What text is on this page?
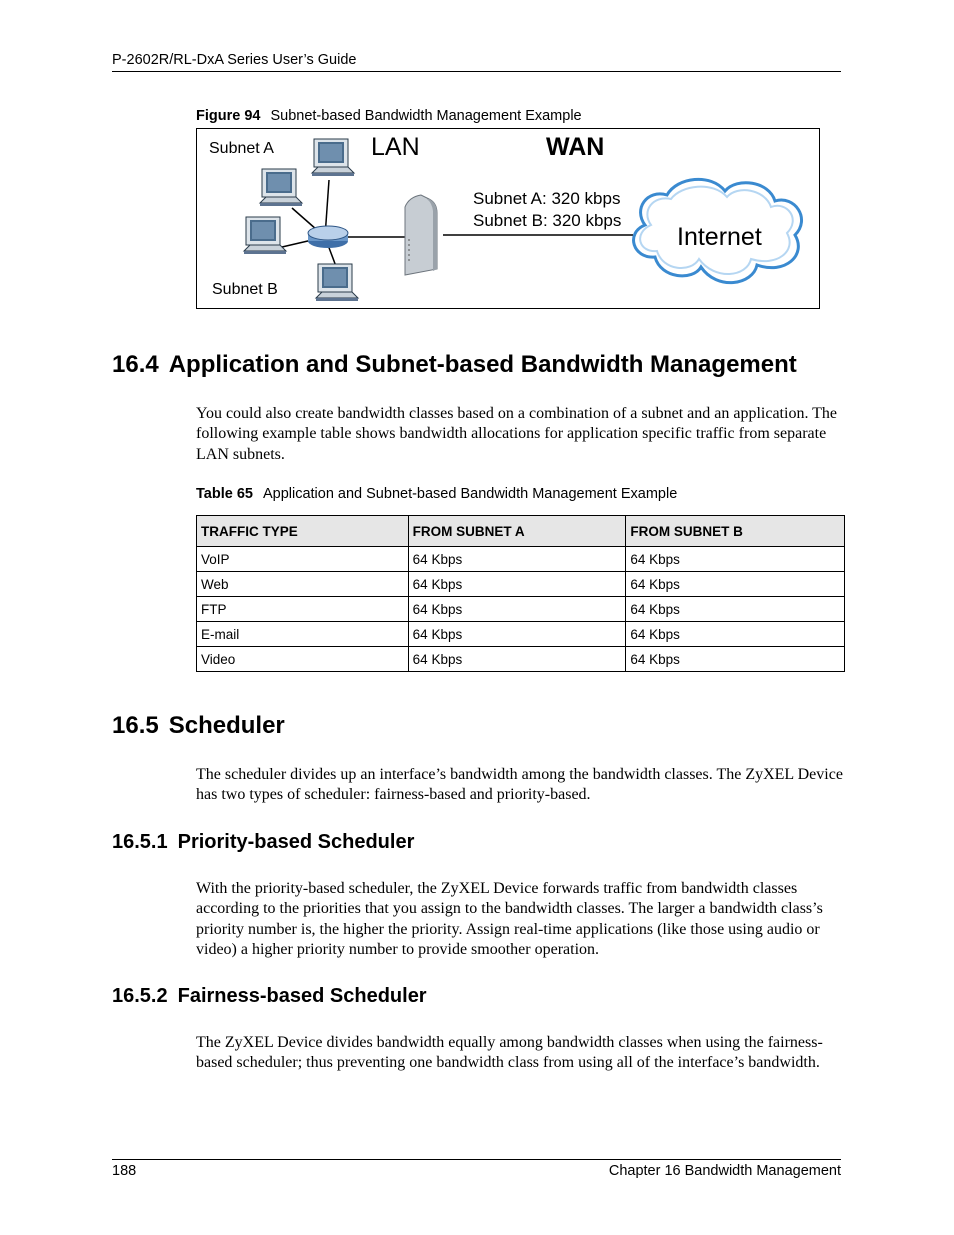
P-2602R/RL-DxA Series User’s Guide
Figure 94 Subnet-based Bandwidth Management Example
Subnet A
Subnet B
LAN	WAN
Subnet A: 320 kbps
Subnet B: 320 kbps
Internet
16.4 Application and Subnet-based Bandwidth Management

You could also create bandwidth classes based on a combination of a subnet and an application. The following example table shows bandwidth allocations for application specific traffic from separate LAN subnets.

Table 65 Application and Subnet-based Bandwidth Management Example
TRAFFIC TYPE	FROM SUBNET A	FROM SUBNET B
VoIP	64 Kbps	64 Kbps
Web	64 Kbps	64 Kbps
FTP	64 Kbps	64 Kbps
E-mail	64 Kbps	64 Kbps
Video	64 Kbps	64 Kbps
16.5 Scheduler

The scheduler divides up an interface’s bandwidth among the bandwidth classes. The ZyXEL Device has two types of scheduler: fairness-based and priority-based.

16.5.1 Priority-based Scheduler

With the priority-based scheduler, the ZyXEL Device forwards traffic from bandwidth classes according to the priorities that you assign to the bandwidth classes. The larger a bandwidth class’s priority number is, the higher the priority. Assign real-time applications (like those using audio or video) a higher priority number to provide smoother operation.

16.5.2 Fairness-based Scheduler

The ZyXEL Device divides bandwidth equally among bandwidth classes when using the fairness-based scheduler; thus preventing one bandwidth class from using all of the interface’s bandwidth.

188	Chapter 16 Bandwidth Management
